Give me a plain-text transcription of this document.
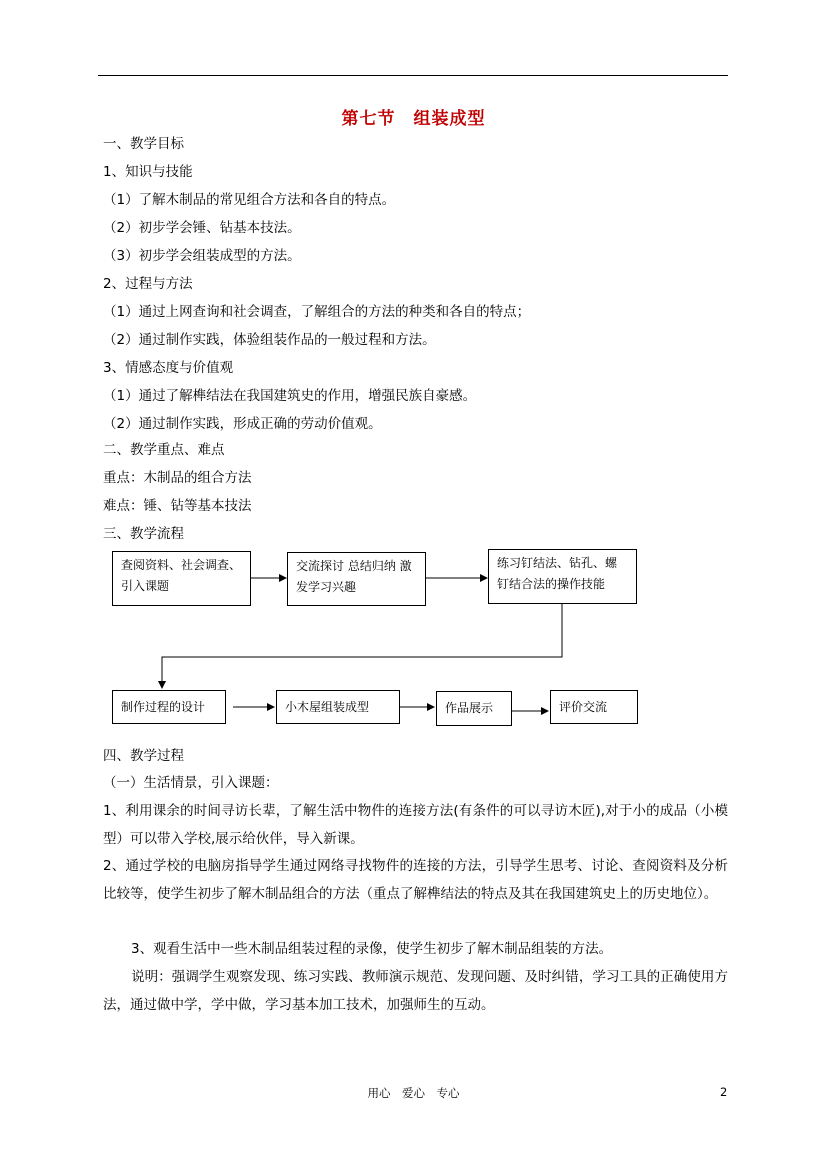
第七节　组装成型
一、教学目标
1、知识与技能
（1）了解木制品的常见组合方法和各自的特点。
（2）初步学会锤、钻基本技法。
（3）初步学会组装成型的方法。
2、过程与方法
（1）通过上网查询和社会调查，了解组合的方法的种类和各自的特点；
（2）通过制作实践，体验组装作品的一般过程和方法。
3、情感态度与价值观
（1）通过了解榫结法在我国建筑史的作用，增强民族自豪感。
（2）通过制作实践，形成正确的劳动价值观。
二、教学重点、难点
重点：木制品的组合方法
难点：锤、钻等基本技法
三、教学流程
查阅资料、社会调查、引入课题
交流探讨 总结归纳 激发学习兴趣
练习钉结法、钻孔、螺钉结合法的操作技能
制作过程的设计	小木屋组装成型	作品展示	评价交流
四、教学过程
（一）生活情景，引入课题：
1、利用课余的时间寻访长辈，了解生活中物件的连接方法(有条件的可以寻访木匠),对于小的成品（小模型）可以带入学校,展示给伙伴，导入新课。
2、通过学校的电脑房指导学生通过网络寻找物件的连接的方法，引导学生思考、讨论、查阅资料及分析比较等，使学生初步了解木制品组合的方法（重点了解榫结法的特点及其在我国建筑史上的历史地位）。
3、观看生活中一些木制品组装过程的录像，使学生初步了解木制品组装的方法。
说明：强调学生观察发现、练习实践、教师演示规范、发现问题、及时纠错，学习工具的正确使用方法，通过做中学，学中做，学习基本加工技术，加强师生的互动。
用心　爱心　专心	2
